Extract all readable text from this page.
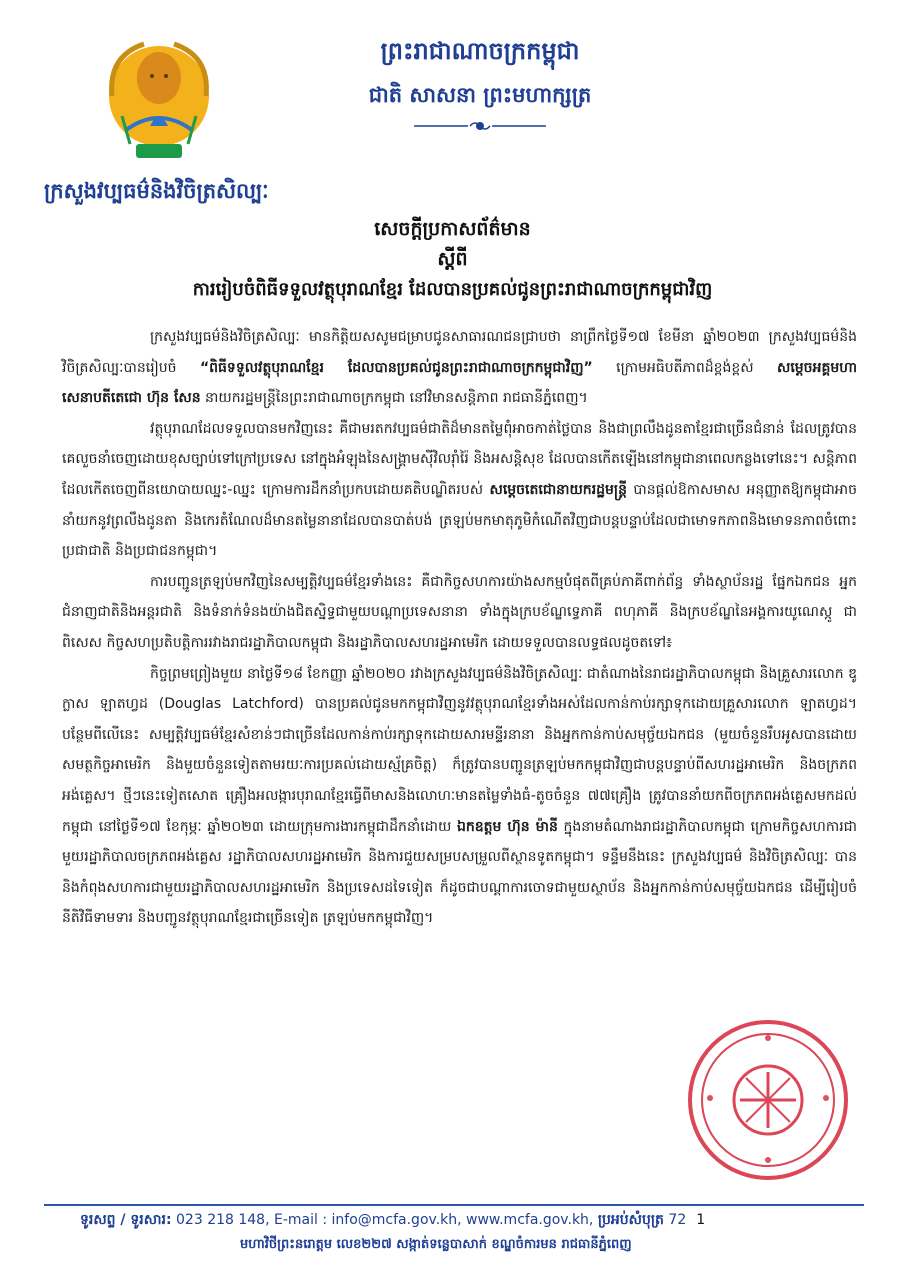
ព្រះរាជាណាចក្រកម្ពុជា
ជាតិ សាសនា ព្រះមហាក្សត្រ
ក្រសួងវប្បធម៌និងវិចិត្រសិល្បៈ
សេចក្តីប្រកាសព័ត៌មាន
ស្តីពី
ការរៀបចំពិធីទទួលវត្ថុបុរាណខ្មែរ ដែលបានប្រគល់ជូនព្រះរាជាណាចក្រកម្ពុជាវិញ

ក្រសួងវប្បធម៌និងវិចិត្រសិល្បៈ មានកិត្តិយសសូមជម្រាបជូនសាធារណជនជ្រាបថា នាព្រឹកថ្ងៃទី១៧ ខែមីនា ឆ្នាំ២០២៣ ក្រសួងវប្បធម៌និងវិចិត្រសិល្បៈបានរៀបចំ “ពិធីទទួលវត្ថុបុរាណខ្មែរ ដែលបានប្រគល់ជូនព្រះរាជាណាចក្រកម្ពុជាវិញ” ក្រោមអធិបតីភាពដ៏ខ្ពង់ខ្ពស់ សម្តេចអគ្គមហាសេនាបតីតេជោ ហ៊ុន សែន នាយករដ្ឋមន្ត្រីនៃព្រះរាជាណាចក្រកម្ពុជា នៅវិមានសន្តិភាព រាជធានីភ្នំពេញ។

វត្ថុបុរាណដែលទទួលបានមកវិញនេះ គឺជាមរតកវប្បធម៌ជាតិដ៏មានតម្លៃពុំអាចកាត់ថ្លៃបាន និងជាព្រលឹងដូនតាខ្មែរជាច្រើនជំនាន់ ដែលត្រូវបានគេលួចនាំចេញដោយខុសច្បាប់ទៅក្រៅប្រទេស នៅក្នុងអំឡុងនៃសង្គ្រាមស៊ីវិលរ៉ាំរ៉ៃ និងអសន្តិសុខ ដែលបានកើតឡើងនៅកម្ពុជានាពេលកន្លងទៅនេះ។ សន្តិភាពដែលកើតចេញពីនយោបាយឈ្នះ-ឈ្នះ ក្រោមការដឹកនាំប្រកបដោយគតិបណ្ឌិតរបស់ សម្តេចតេជោនាយករដ្ឋមន្ត្រី បានផ្តល់ឱកាសមាស អនុញ្ញាតឱ្យកម្ពុជាអាចនាំយកនូវព្រលឹងដូនតា និងកេរតំណែលដ៏មានតម្លៃនានាដែលបានបាត់បង់ ត្រឡប់មកមាតុភូមិកំណើតវិញជាបន្តបន្ទាប់ដែលជាមោទកភាពនិងមោទនភាពចំពោះប្រជាជាតិ និងប្រជាជនកម្ពុជា។

ការបញ្ជូនត្រឡប់មកវិញនៃសម្បត្តិវប្បធម៌ខ្មែរទាំងនេះ គឺជាកិច្ចសហការយ៉ាងសកម្មបំផុតពីគ្រប់ភាគីពាក់ព័ន្ធ ទាំងស្ថាប័នរដ្ឋ ផ្នែកឯកជន អ្នកជំនាញជាតិនិងអន្តរជាតិ និងទំនាក់ទំនងយ៉ាងជិតស្និទ្ធជាមួយបណ្តាប្រទេសនានា ទាំងក្នុងក្របខ័ណ្ឌទ្វេភាគី ពហុភាគី និងក្របខ័ណ្ឌនៃអង្គការយូណេស្កូ ជាពិសេស កិច្ចសហប្រតិបត្តិការរវាងរាជរដ្ឋាភិបាលកម្ពុជា និងរដ្ឋាភិបាលសហរដ្ឋអាមេរិក ដោយទទួលបានលទ្ធផលដូចតទៅ៖

កិច្ចព្រមព្រៀងមួយ នាថ្ងៃទី១៨ ខែកញ្ញា ឆ្នាំ២០២០ រវាងក្រសួងវប្បធម៌និងវិចិត្រសិល្បៈ ជាតំណាងនៃរាជរដ្ឋាភិបាលកម្ពុជា និងគ្រួសារលោក ឌូក្លាស ឡាតហ្វដ (Douglas Latchford) បានប្រគល់ជូនមកកម្ពុជាវិញនូវវត្ថុបុរាណខ្មែរទាំងអស់ដែលកាន់កាប់រក្សាទុកដោយគ្រួសារលោក ឡាតហ្វដ។ បន្ថែមពីលើនេះ សម្បត្តិវប្បធម៌ខ្មែរសំខាន់ៗជាច្រើនដែលកាន់កាប់រក្សាទុកដោយសារមន្ទីរនានា និងអ្នកកាន់កាប់សមុច្ច័យឯកជន (មួយចំនួនរឹបអូសបានដោយសមត្ថកិច្ចអាមេរិក និងមួយចំនួនទៀតតាមរយៈការប្រគល់ដោយស្ម័គ្រចិត្ត) ក៏ត្រូវបានបញ្ជូនត្រឡប់មកកម្ពុជាវិញជាបន្តបន្ទាប់ពីសហរដ្ឋអាមេរិក និងចក្រភពអង់គ្លេស។ ថ្មីៗនេះទៀតសោត គ្រឿងអលង្ការបុរាណខ្មែរធ្វើពីមាសនិងលោហៈមានតម្លៃទាំងធំ-តូចចំនួន ៧៧គ្រឿង ត្រូវបាននាំយកពីចក្រភពអង់គ្លេសមកដល់កម្ពុជា នៅថ្ងៃទី១៧ ខែកុម្ភៈ ឆ្នាំ២០២៣ ដោយក្រុមការងារកម្ពុជាដឹកនាំដោយ ឯកឧត្តម ហ៊ុន ម៉ានី ក្នុងនាមតំណាងរាជរដ្ឋាភិបាលកម្ពុជា ក្រោមកិច្ចសហការជាមួយរដ្ឋាភិបាលចក្រភពអង់គ្លេស រដ្ឋាភិបាលសហរដ្ឋអាមេរិក និងការជួយសម្របសម្រួលពីស្ថានទូតកម្ពុជា។ ទន្ទឹមនឹងនេះ ក្រសួងវប្បធម៌ និងវិចិត្រសិល្បៈ បាននិងកំពុងសហការជាមួយរដ្ឋាភិបាលសហរដ្ឋអាមេរិក និងប្រទេសដទៃទៀត ក៏ដូចជាបណ្តាការចោទជាមួយស្ថាប័ន និងអ្នកកាន់កាប់សមុច្ច័យឯកជន ដើម្បីរៀបចំនីតិវិធីទាមទារ និងបញ្ជូនវត្ថុបុរាណខ្មែរជាច្រើនទៀត ត្រឡប់មកកម្ពុជាវិញ។

ទូរសព្ទ / ទូរសារ: 023 218 148, E-mail : info@mcfa.gov.kh, www.mcfa.gov.kh, ប្រអប់សំបុត្រ 72 1
មហាវិថីព្រះនរោត្តម លេខ២២៧ សង្កាត់ទន្លេបាសាក់ ខណ្ឌចំការមន រាជធានីភ្នំពេញ
